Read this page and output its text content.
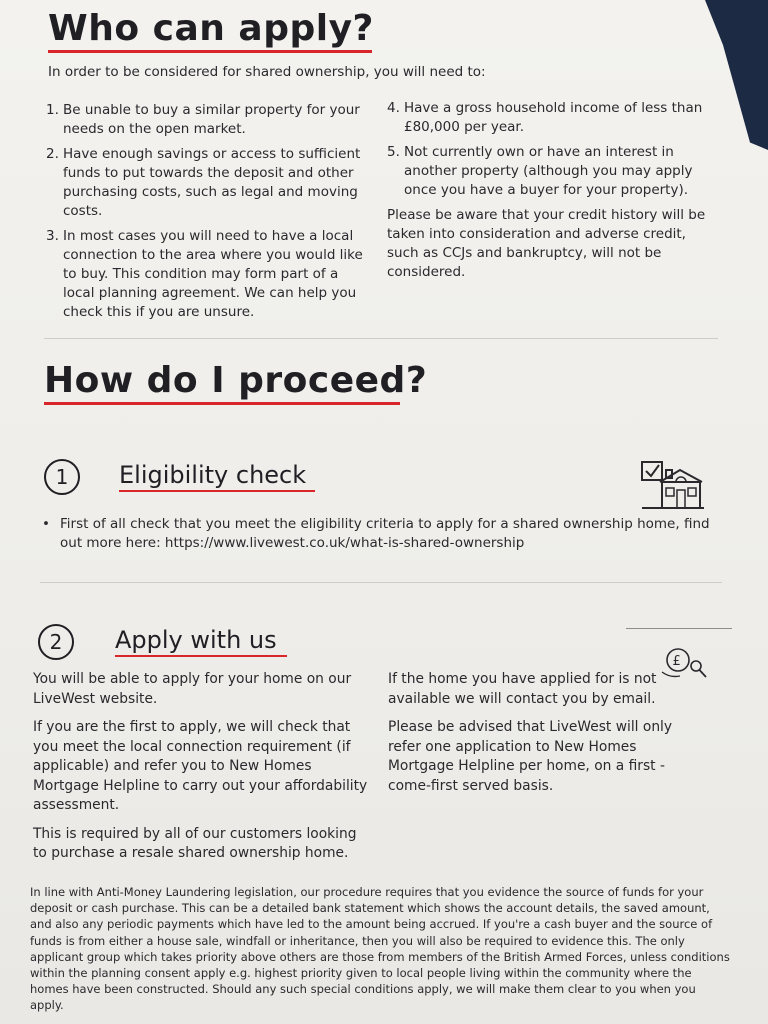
Who can apply?
In order to be considered for shared ownership, you will need to:
1. Be unable to buy a similar property for your needs on the open market.
2. Have enough savings or access to sufficient funds to put towards the deposit and other purchasing costs, such as legal and moving costs.
3. In most cases you will need to have a local connection to the area where you would like to buy. This condition may form part of a local planning agreement. We can help you check this if you are unsure.
4. Have a gross household income of less than £80,000 per year.
5. Not currently own or have an interest in another property (although you may apply once you have a buyer for your property).

Please be aware that your credit history will be taken into consideration and adverse credit, such as CCJs and bankruptcy, will not be considered.

How do I proceed?
1	Eligibility check
• First of all check that you meet the eligibility criteria to apply for a shared ownership home, find out more here: https://www.livewest.co.uk/what-is-shared-ownership
2	Apply with us
£

You will be able to apply for your home on our LiveWest website.

If you are the first to apply, we will check that you meet the local connection requirement (if applicable) and refer you to New Homes Mortgage Helpline to carry out your affordability assessment.

This is required by all of our customers looking to purchase a resale shared ownership home.

If the home you have applied for is not available we will contact you by email.

Please be advised that LiveWest will only refer one application to New Homes Mortgage Helpline per home, on a first -come-first served basis.

In line with Anti-Money Laundering legislation, our procedure requires that you evidence the source of funds for your deposit or cash purchase. This can be a detailed bank statement which shows the account details, the saved amount, and also any periodic payments which have led to the amount being accrued. If you're a cash buyer and the source of funds is from either a house sale, windfall or inheritance, then you will also be required to evidence this. The only applicant group which takes priority above others are those from members of the British Armed Forces, unless conditions within the planning consent apply e.g. highest priority given to local people living within the community where the homes have been constructed. Should any such special conditions apply, we will make them clear to you when you apply.
